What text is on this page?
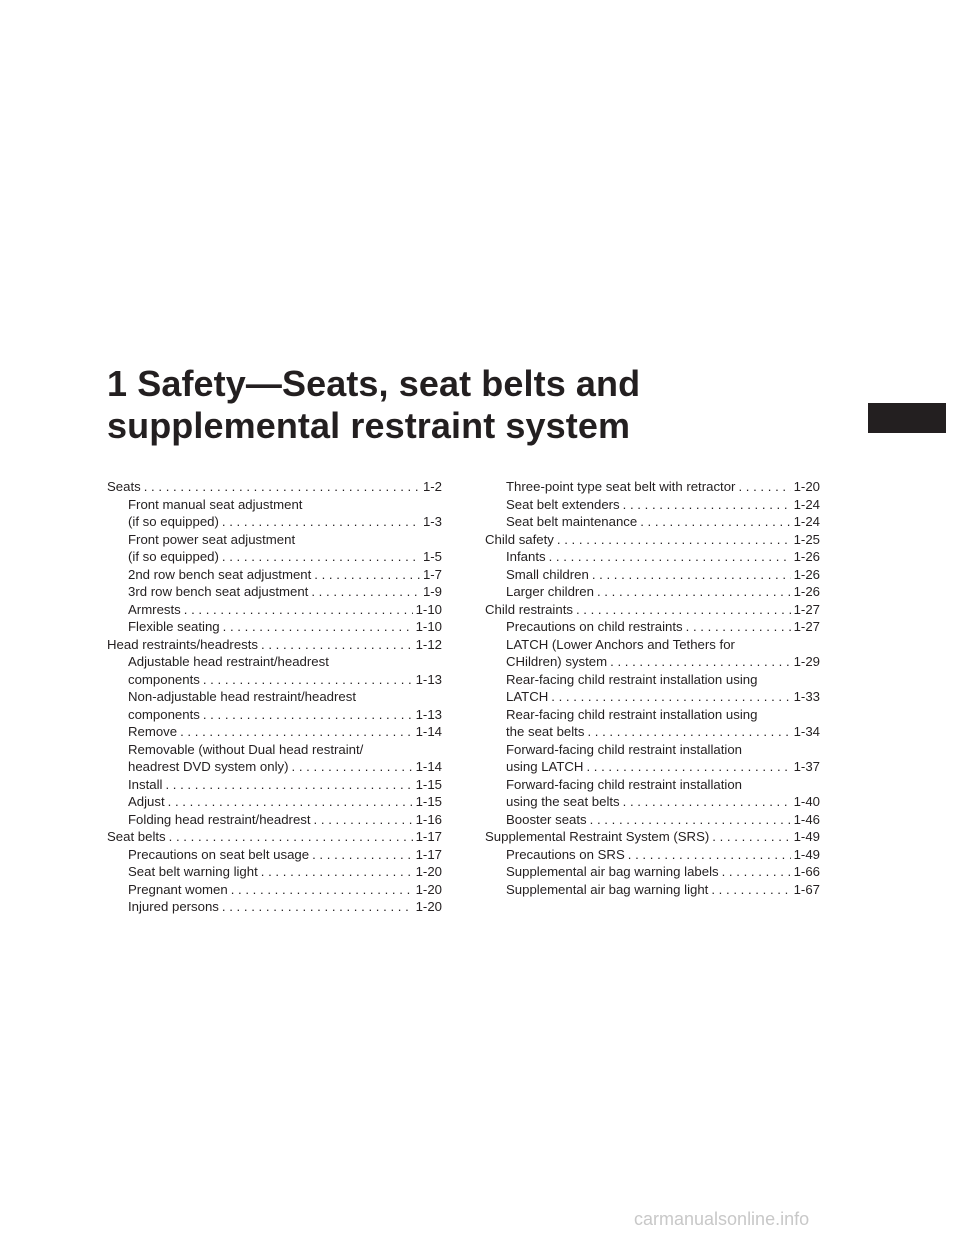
1 Safety—Seats, seat belts and
supplemental restraint system
Seats . . .	1-2
Front manual seat adjustment
(if so equipped) . . .	1-3
Front power seat adjustment
(if so equipped) . . .	1-5
2nd row bench seat adjustment . . .	1-7
3rd row bench seat adjustment . . .	1-9
Armrests . . .	1-10
Flexible seating . . .	1-10
Head restraints/headrests . . .	1-12
Adjustable head restraint/headrest
components . . .	1-13
Non-adjustable head restraint/headrest
components . . .	1-13
Remove . . .	1-14
Removable (without Dual head restraint/
headrest DVD system only) . . .	1-14
Install . . .	1-15
Adjust . . .	1-15
Folding head restraint/headrest . . .	1-16
Seat belts . . .	1-17
Precautions on seat belt usage . . .	1-17
Seat belt warning light . . .	1-20
Pregnant women . . .	1-20
Injured persons . . .	1-20
Three-point type seat belt with retractor . . .	1-20
Seat belt extenders . . .	1-24
Seat belt maintenance . . .	1-24
Child safety . . .	1-25
Infants . . .	1-26
Small children . . .	1-26
Larger children . . .	1-26
Child restraints . . .	1-27
Precautions on child restraints . . .	1-27
LATCH (Lower Anchors and Tethers for
CHildren) system . . .	1-29
Rear-facing child restraint installation using
LATCH . . .	1-33
Rear-facing child restraint installation using
the seat belts . . .	1-34
Forward-facing child restraint installation
using LATCH . . .	1-37
Forward-facing child restraint installation
using the seat belts . . .	1-40
Booster seats . . .	1-46
Supplemental Restraint System (SRS) . . .	1-49
Precautions on SRS . . .	1-49
Supplemental air bag warning labels . . .	1-66
Supplemental air bag warning light . . .	1-67
carmanualsonline.info
